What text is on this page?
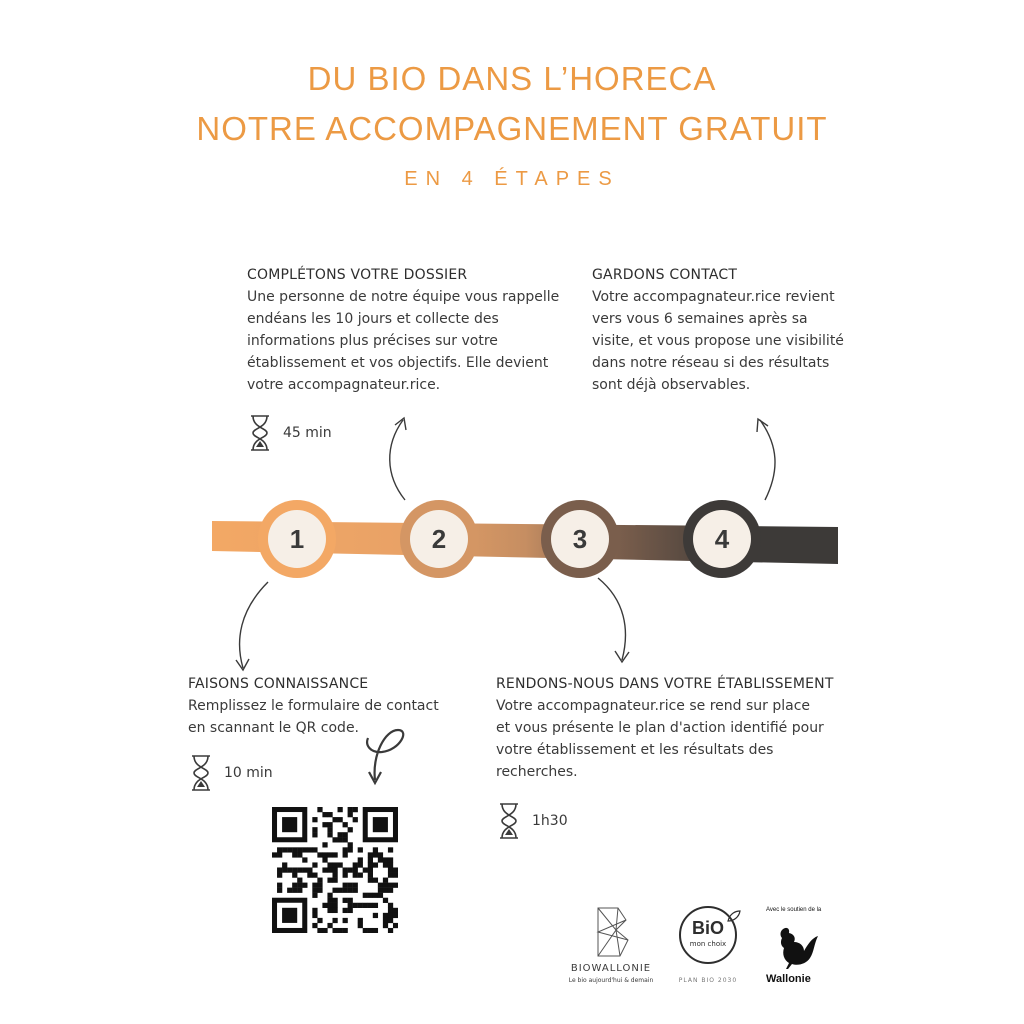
DU BIO DANS L’HORECA
NOTRE ACCOMPAGNEMENT GRATUIT
EN 4 ÉTAPES
1	2	3	4
COMPLÉTONS VOTRE DOSSIER

Une personne de notre équipe vous rappelle

endéans les 10 jours et collecte des

informations plus précises sur votre

établissement et vos objectifs. Elle devient

votre accompagnateur.rice.

45 min
GARDONS CONTACT

Votre accompagnateur.rice revient

vers vous 6 semaines après sa

visite, et vous propose une visibilité

dans notre réseau si des résultats

sont déjà observables.

FAISONS CONNAISSANCE

Remplissez le formulaire de contact

en scannant le QR code.

10 min
RENDONS-NOUS DANS VOTRE ÉTABLISSEMENT

Votre accompagnateur.rice se rend sur place

et vous présente le plan d'action identifié pour

votre établissement et les résultats des

recherches.

1h30
BIOWALLONIE
Le bio aujourd'hui & demain
BiO
mon choix
PLAN BIO 2030
Avec le soutien de la
Wallonie
